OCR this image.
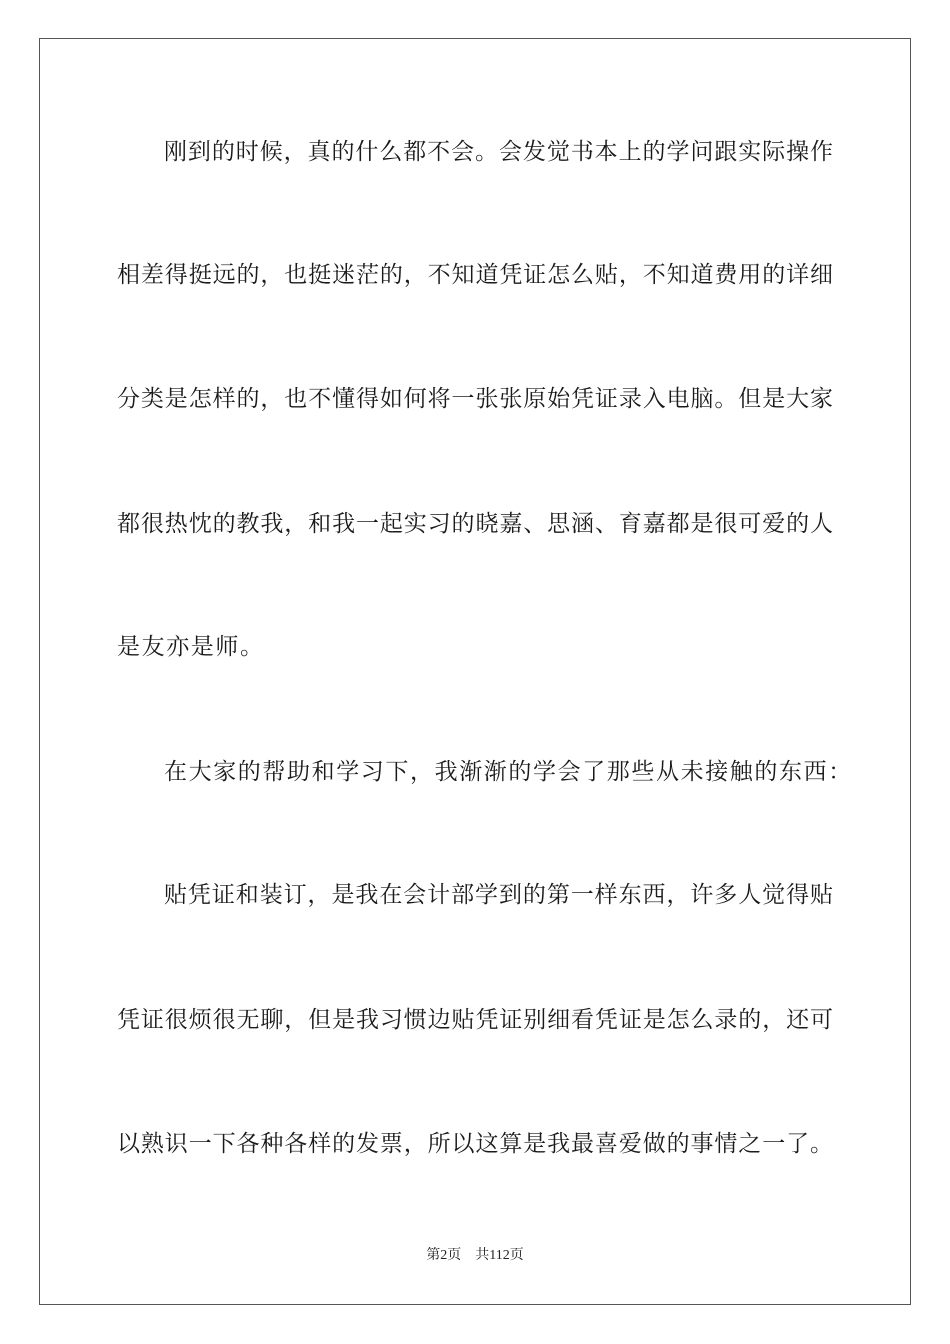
刚到的时候，真的什么都不会。会发觉书本上的学问跟实际操作
相差得挺远的，也挺迷茫的，不知道凭证怎么贴，不知道费用的详细
分类是怎样的，也不懂得如何将一张张原始凭证录入电脑。但是大家
都很热忱的教我，和我一起实习的晓嘉、思涵、育嘉都是很可爱的人
是友亦是师。
在大家的帮助和学习下，我渐渐的学会了那些从未接触的东西：
贴凭证和装订，是我在会计部学到的第一样东西，许多人觉得贴
凭证很烦很无聊，但是我习惯边贴凭证别细看凭证是怎么录的，还可
以熟识一下各种各样的发票，所以这算是我最喜爱做的事情之一了。
第2页 共112页
